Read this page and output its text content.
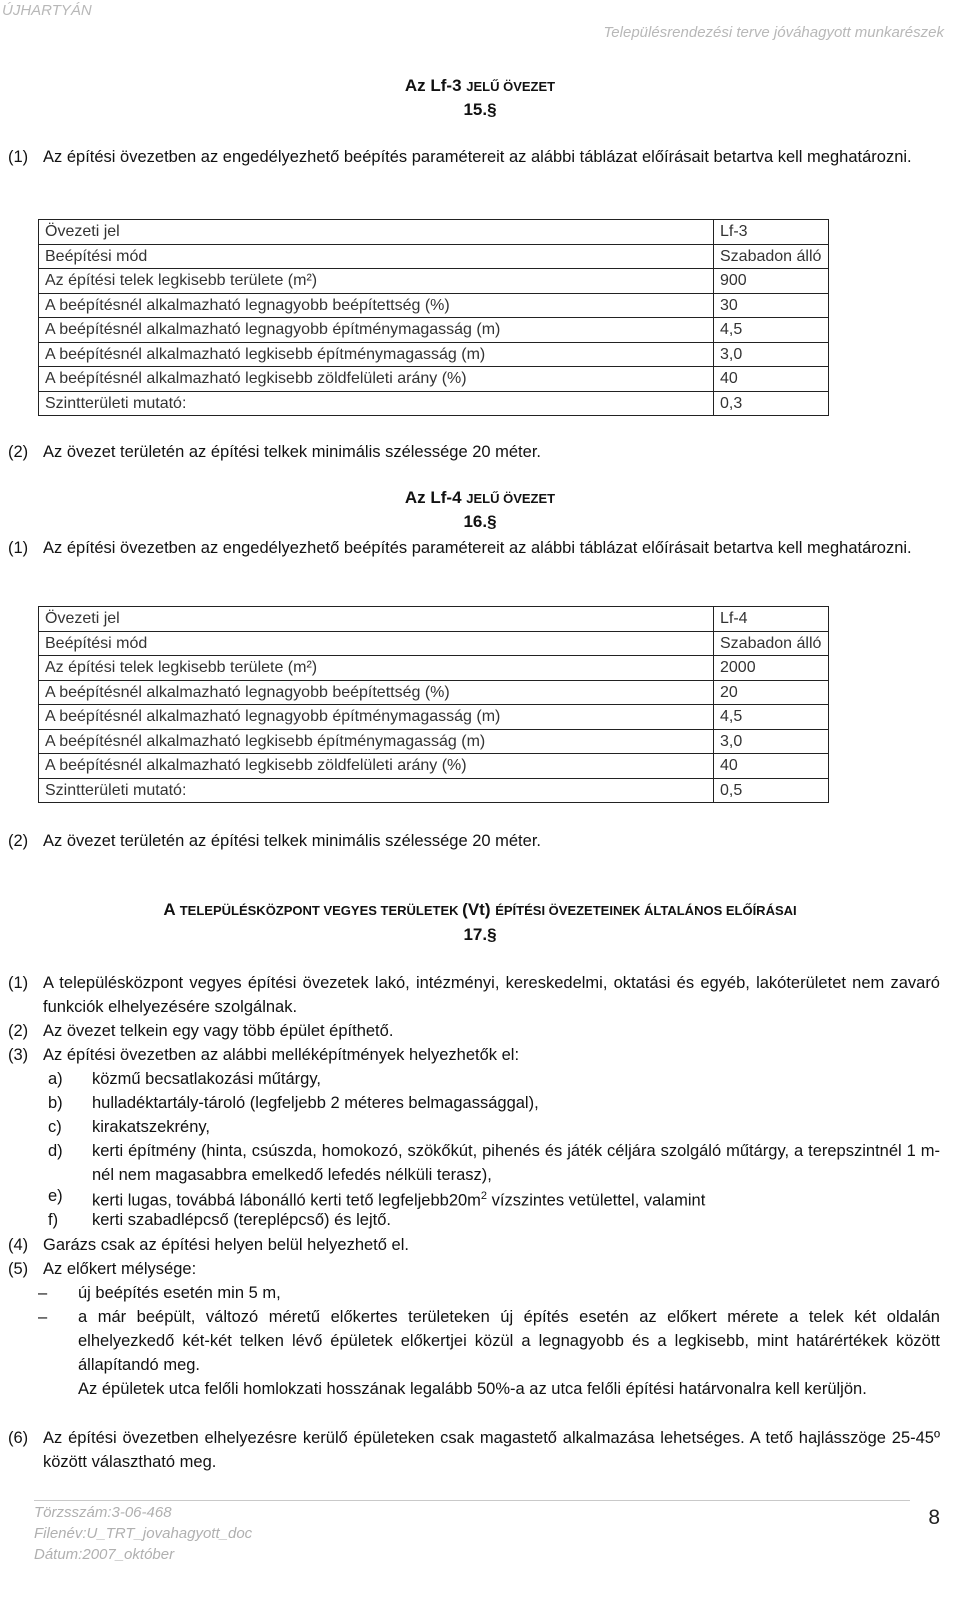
ÚJHARTYÁN
Településrendezési terve jóváhagyott munkarészek
Az Lf-3 JELŰ ÖVEZET
15.§
(1) Az építési övezetben az engedélyezhető beépítés paramétereit az alábbi táblázat előírásait betartva kell meghatározni.
Övezeti jel	Lf-3
Beépítési mód	Szabadon álló
Az építési telek legkisebb területe (m²)	900
A beépítésnél alkalmazható legnagyobb beépítettség (%)	30
A beépítésnél alkalmazható legnagyobb építménymagasság (m)	4,5
A beépítésnél alkalmazható legkisebb építménymagasság (m)	3,0
A beépítésnél alkalmazható legkisebb zöldfelületi arány (%)	40
Szintterületi mutató:	0,3
(2) Az övezet területén az építési telkek minimális szélessége 20 méter.
Az Lf-4 JELŰ ÖVEZET
16.§
(1) Az építési övezetben az engedélyezhető beépítés paramétereit az alábbi táblázat előírásait betartva kell meghatározni.
Övezeti jel	Lf-4
Beépítési mód	Szabadon álló
Az építési telek legkisebb területe (m²)	2000
A beépítésnél alkalmazható legnagyobb beépítettség (%)	20
A beépítésnél alkalmazható legnagyobb építménymagasság (m)	4,5
A beépítésnél alkalmazható legkisebb építménymagasság (m)	3,0
A beépítésnél alkalmazható legkisebb zöldfelületi arány (%)	40
Szintterületi mutató:	0,5
(2) Az övezet területén az építési telkek minimális szélessége 20 méter.
A TELEPÜLÉSKÖZPONT VEGYES TERÜLETEK (Vt) ÉPÍTÉSI ÖVEZETEINEK ÁLTALÁNOS ELŐÍRÁSAI
17.§
(1) A településközpont vegyes építési övezetek lakó, intézményi, kereskedelmi, oktatási és egyéb, lakóterületet nem zavaró funkciók elhelyezésére szolgálnak.
(2) Az övezet telkein egy vagy több épület építhető.
(3) Az építési övezetben az alábbi melléképítmények helyezhetők el:
a) közmű becsatlakozási műtárgy,
b) hulladéktartály-tároló (legfeljebb 2 méteres belmagassággal),
c) kirakatszekrény,
d) kerti építmény (hinta, csúszda, homokozó, szökőkút, pihenés és játék céljára szolgáló műtárgy, a terepszintnél 1 m-nél nem magasabbra emelkedő lefedés nélküli terasz),
e) kerti lugas, továbbá lábonálló kerti tető $legfeljebb20m^2$ vízszintes vetülettel, valamint
f) kerti szabadlépcső (tereplépcső) és lejtő.
(4) Garázs csak az építési helyen belül helyezhető el.
(5) Az előkert mélysége:
–	új beépítés esetén min 5 m,
–	a már beépült, változó méretű előkertes területeken új építés esetén az előkert mérete a telek két oldalán elhelyezkedő két-két telken lévő épületek előkertjei közül a legnagyobb és a legkisebb, mint határértékek között állapítandó meg.
Az épületek utca felőli homlokzati hosszának legalább 50%-a az utca felőli építési határvonalra kell kerüljön.
(6) Az építési övezetben elhelyezésre kerülő épületeken csak magastető alkalmazása lehetséges. A tető hajlásszöge 25-45º között választható meg.
Törzsszám:3-06-468
Filenév:U_TRT_jovahagyott_doc
Dátum:2007_október
8
